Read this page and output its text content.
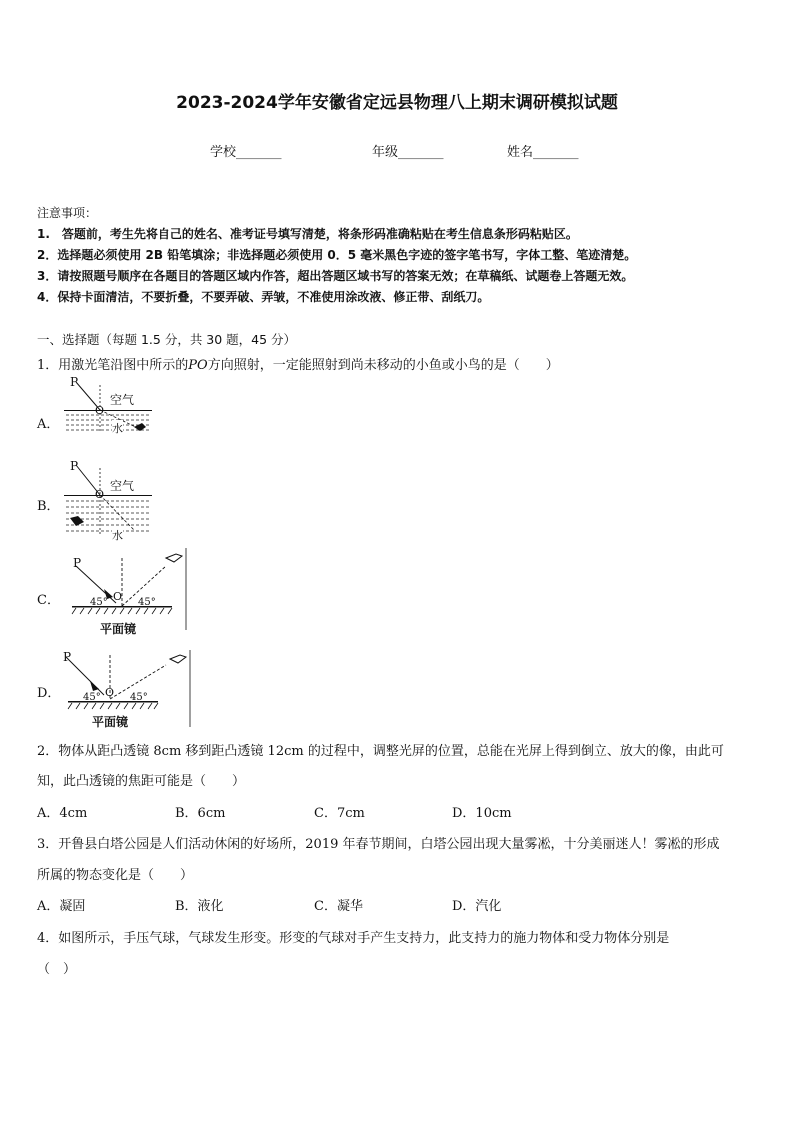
2023-2024学年安徽省定远县物理八上期末调研模拟试题
学校_______	年级_______	姓名_______
注意事项：
1.　答题前，考生先将自己的姓名、准考证号填写清楚，将条形码准确粘贴在考生信息条形码粘贴区。
2．选择题必须使用 2B 铅笔填涂；非选择题必须使用 0．5 毫米黑色字迹的签字笔书写，字体工整、笔迹清楚。
3．请按照题号顺序在各题目的答题区域内作答，超出答题区域书写的答案无效；在草稿纸、试题卷上答题无效。
4．保持卡面清洁，不要折叠，不要弄破、弄皱，不准使用涂改液、修正带、刮纸刀。
一、选择题（每题 1.5 分，共 30 题，45 分）
1．用激光笔沿图中所示的PO方向照射，一定能照射到尚未移动的小鱼或小鸟的是（　　）
A．
P
O
空气
水
B．
P
O
空气
水
C．
P
O
45°	45°
平面镜
D．
P
O
45°	45°
平面镜
2．物体从距凸透镜 8cm 移到距凸透镜 12cm 的过程中，调整光屏的位置，总能在光屏上得到倒立、放大的像，由此可
知，此凸透镜的焦距可能是（　　）
A．4cm	B．6cm	C．7cm	D．10cm
3．开鲁县白塔公园是人们活动休闲的好场所，2019 年春节期间，白塔公园出现大量雾凇，十分美丽迷人！雾凇的形成
所属的物态变化是（　　）
A．凝固	B．液化	C．凝华	D．汽化
4．如图所示，手压气球，气球发生形变。形变的气球对手产生支持力，此支持力的施力物体和受力物体分别是
（　）
